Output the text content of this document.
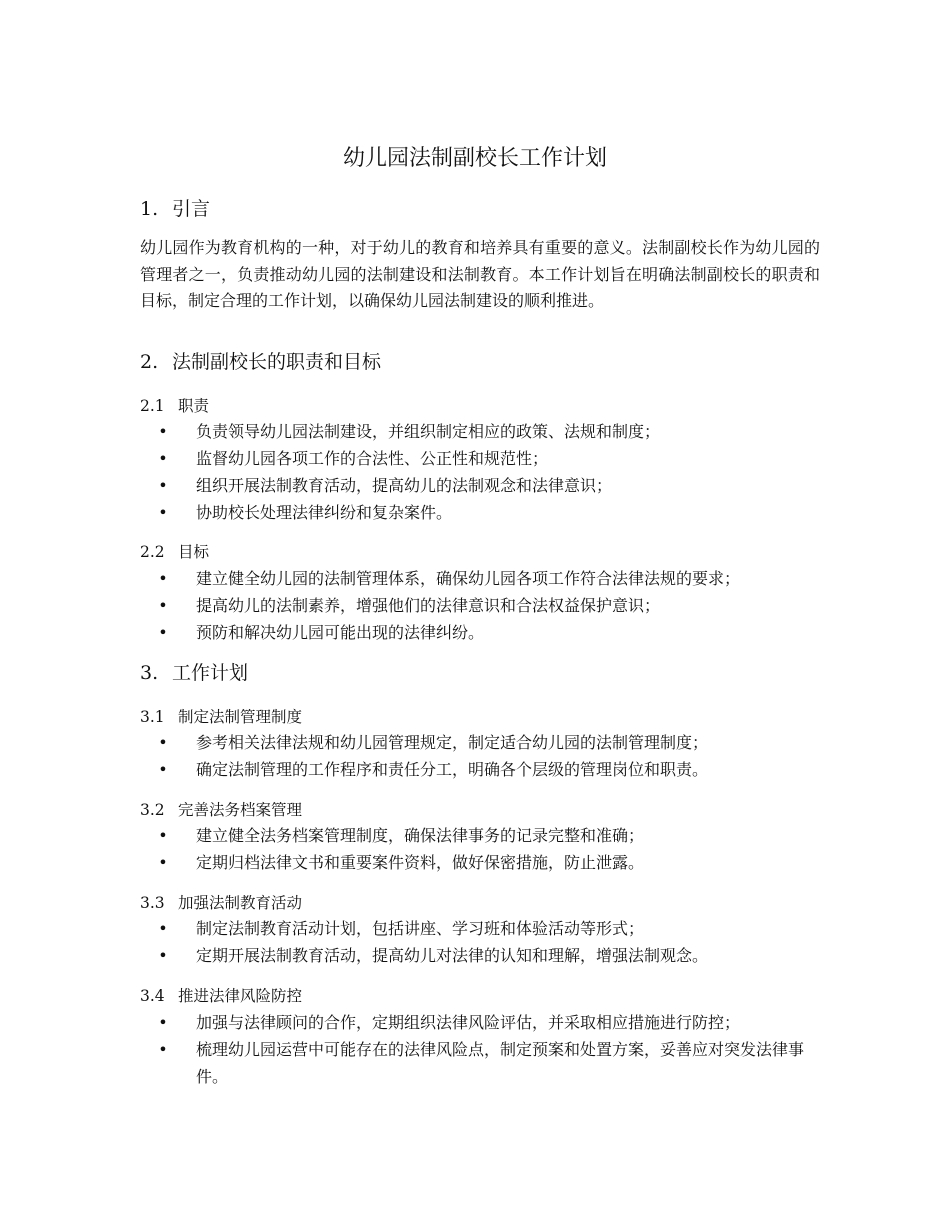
幼儿园法制副校长工作计划
1. 引言

幼儿园作为教育机构的一种，对于幼儿的教育和培养具有重要的意义。法制副校长作为幼儿园的管理者之一，负责推动幼儿园的法制建设和法制教育。本工作计划旨在明确法制副校长的职责和目标，制定合理的工作计划，以确保幼儿园法制建设的顺利推进。

2. 法制副校长的职责和目标
2.1 职责
• 负责领导幼儿园法制建设，并组织制定相应的政策、法规和制度；
• 监督幼儿园各项工作的合法性、公正性和规范性；
• 组织开展法制教育活动，提高幼儿的法制观念和法律意识；
• 协助校长处理法律纠纷和复杂案件。
2.2 目标
• 建立健全幼儿园的法制管理体系，确保幼儿园各项工作符合法律法规的要求；
• 提高幼儿的法制素养，增强他们的法律意识和合法权益保护意识；
• 预防和解决幼儿园可能出现的法律纠纷。
3. 工作计划
3.1 制定法制管理制度
• 参考相关法律法规和幼儿园管理规定，制定适合幼儿园的法制管理制度；
• 确定法制管理的工作程序和责任分工，明确各个层级的管理岗位和职责。
3.2 完善法务档案管理
• 建立健全法务档案管理制度，确保法律事务的记录完整和准确；
• 定期归档法律文书和重要案件资料，做好保密措施，防止泄露。
3.3 加强法制教育活动
• 制定法制教育活动计划，包括讲座、学习班和体验活动等形式；
• 定期开展法制教育活动，提高幼儿对法律的认知和理解，增强法制观念。
3.4 推进法律风险防控
• 加强与法律顾问的合作，定期组织法律风险评估，并采取相应措施进行防控；
• 梳理幼儿园运营中可能存在的法律风险点，制定预案和处置方案，妥善应对突发法律事件。
